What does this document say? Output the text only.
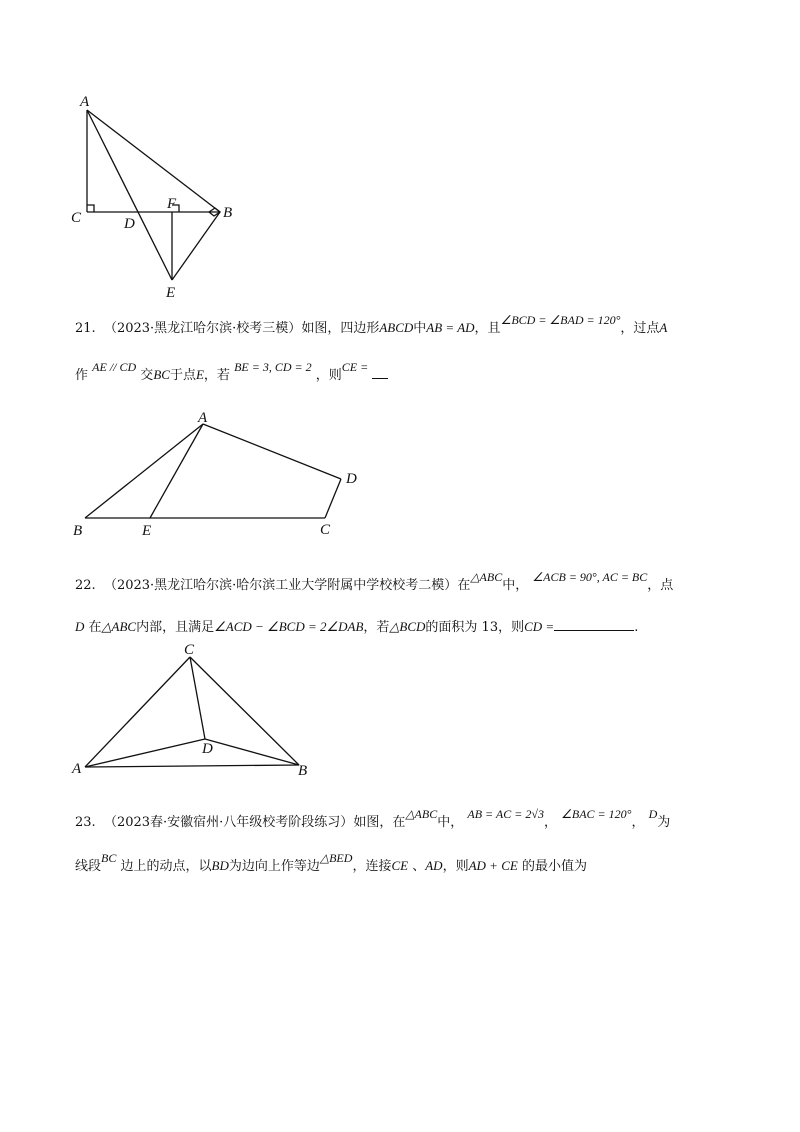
A
C	D
F
B
E
21. （2023·黑龙江哈尔滨·校考三模）如图，四边形ABCD中AB = AD，且∠BCD = ∠BAD = 120°，过点A
作 AE // CD 交BC于点E，若 BE = 3, CD = 2 ，则CE =
A
D
B	E	C
22. （2023·黑龙江哈尔滨·哈尔滨工业大学附属中学校校考二模）在△ABC中， ∠ACB = 90°, AC = BC，点
D 在△ABC内部，且满足∠ACD − ∠BCD = 2∠DAB，若△BCD的面积为 13，则CD =	.
C
D
A	B
23. （2023春·安徽宿州·八年级校考阶段练习）如图，在△ABC中， AB = AC = 2√3， ∠BAC = 120°， D为
线段BC 边上的动点，以BD为边向上作等边△BED，连接CE 、AD，则AD + CE 的最小值为
